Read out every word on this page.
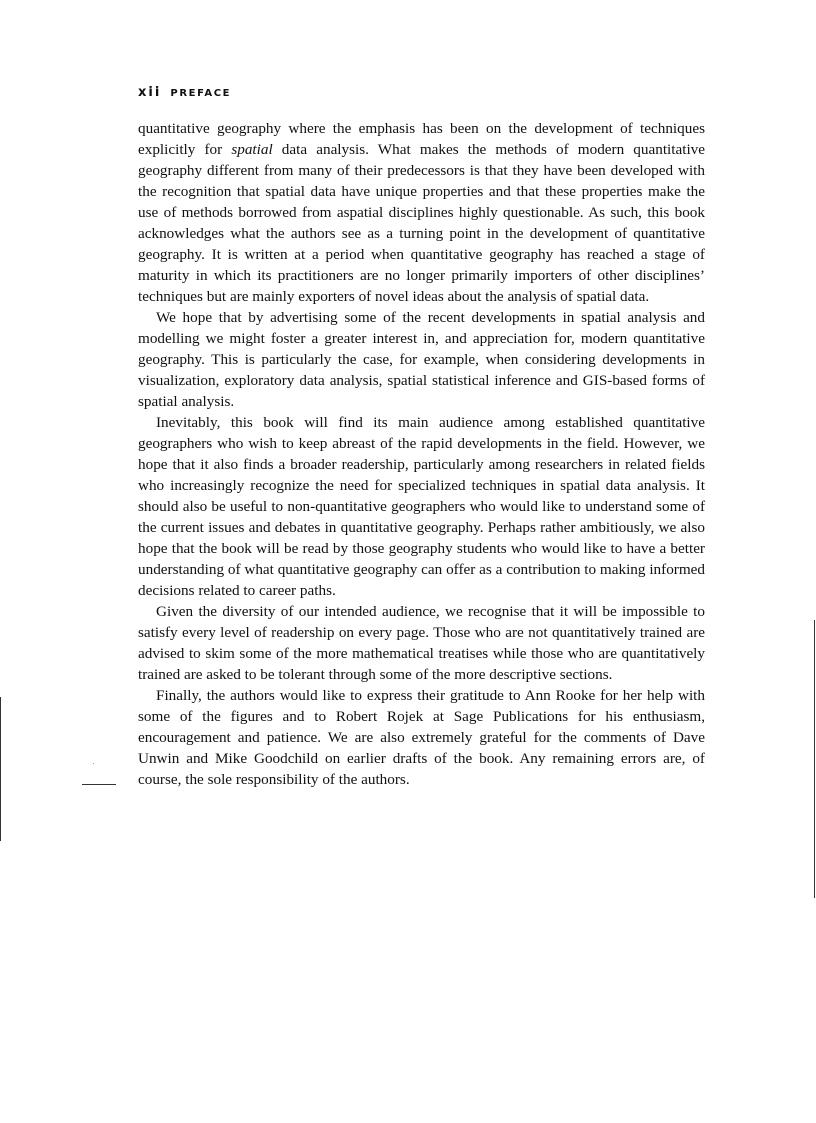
xii PREFACE

quantitative geography where the emphasis has been on the development of techniques explicitly for spatial data analysis. What makes the methods of modern quantitative geography different from many of their predecessors is that they have been developed with the recognition that spatial data have unique properties and that these properties make the use of methods borrowed from aspatial disciplines highly questionable. As such, this book acknowledges what the authors see as a turning point in the development of quantitative geography. It is written at a period when quantitative geography has reached a stage of maturity in which its practitioners are no longer primarily importers of other disciplines’ techniques but are mainly exporters of novel ideas about the analysis of spatial data.

We hope that by advertising some of the recent developments in spatial analysis and modelling we might foster a greater interest in, and appreciation for, modern quantitative geography. This is particularly the case, for example, when considering developments in visualization, exploratory data analysis, spatial statistical inference and GIS-based forms of spatial analysis.

Inevitably, this book will find its main audience among established quantitative geographers who wish to keep abreast of the rapid developments in the field. However, we hope that it also finds a broader readership, particularly among researchers in related fields who increasingly recognize the need for specialized techniques in spatial data analysis. It should also be useful to non-quantitative geographers who would like to understand some of the current issues and debates in quantitative geography. Perhaps rather ambitiously, we also hope that the book will be read by those geography students who would like to have a better understanding of what quantitative geography can offer as a contribution to making informed decisions related to career paths.

Given the diversity of our intended audience, we recognise that it will be impossible to satisfy every level of readership on every page. Those who are not quantitatively trained are advised to skim some of the more mathematical treatises while those who are quantitatively trained are asked to be tolerant through some of the more descriptive sections.

Finally, the authors would like to express their gratitude to Ann Rooke for her help with some of the figures and to Robert Rojek at Sage Publications for his enthusiasm, encouragement and patience. We are also extremely grateful for the comments of Dave Unwin and Mike Goodchild on earlier drafts of the book. Any remaining errors are, of course, the sole responsibility of the authors.
